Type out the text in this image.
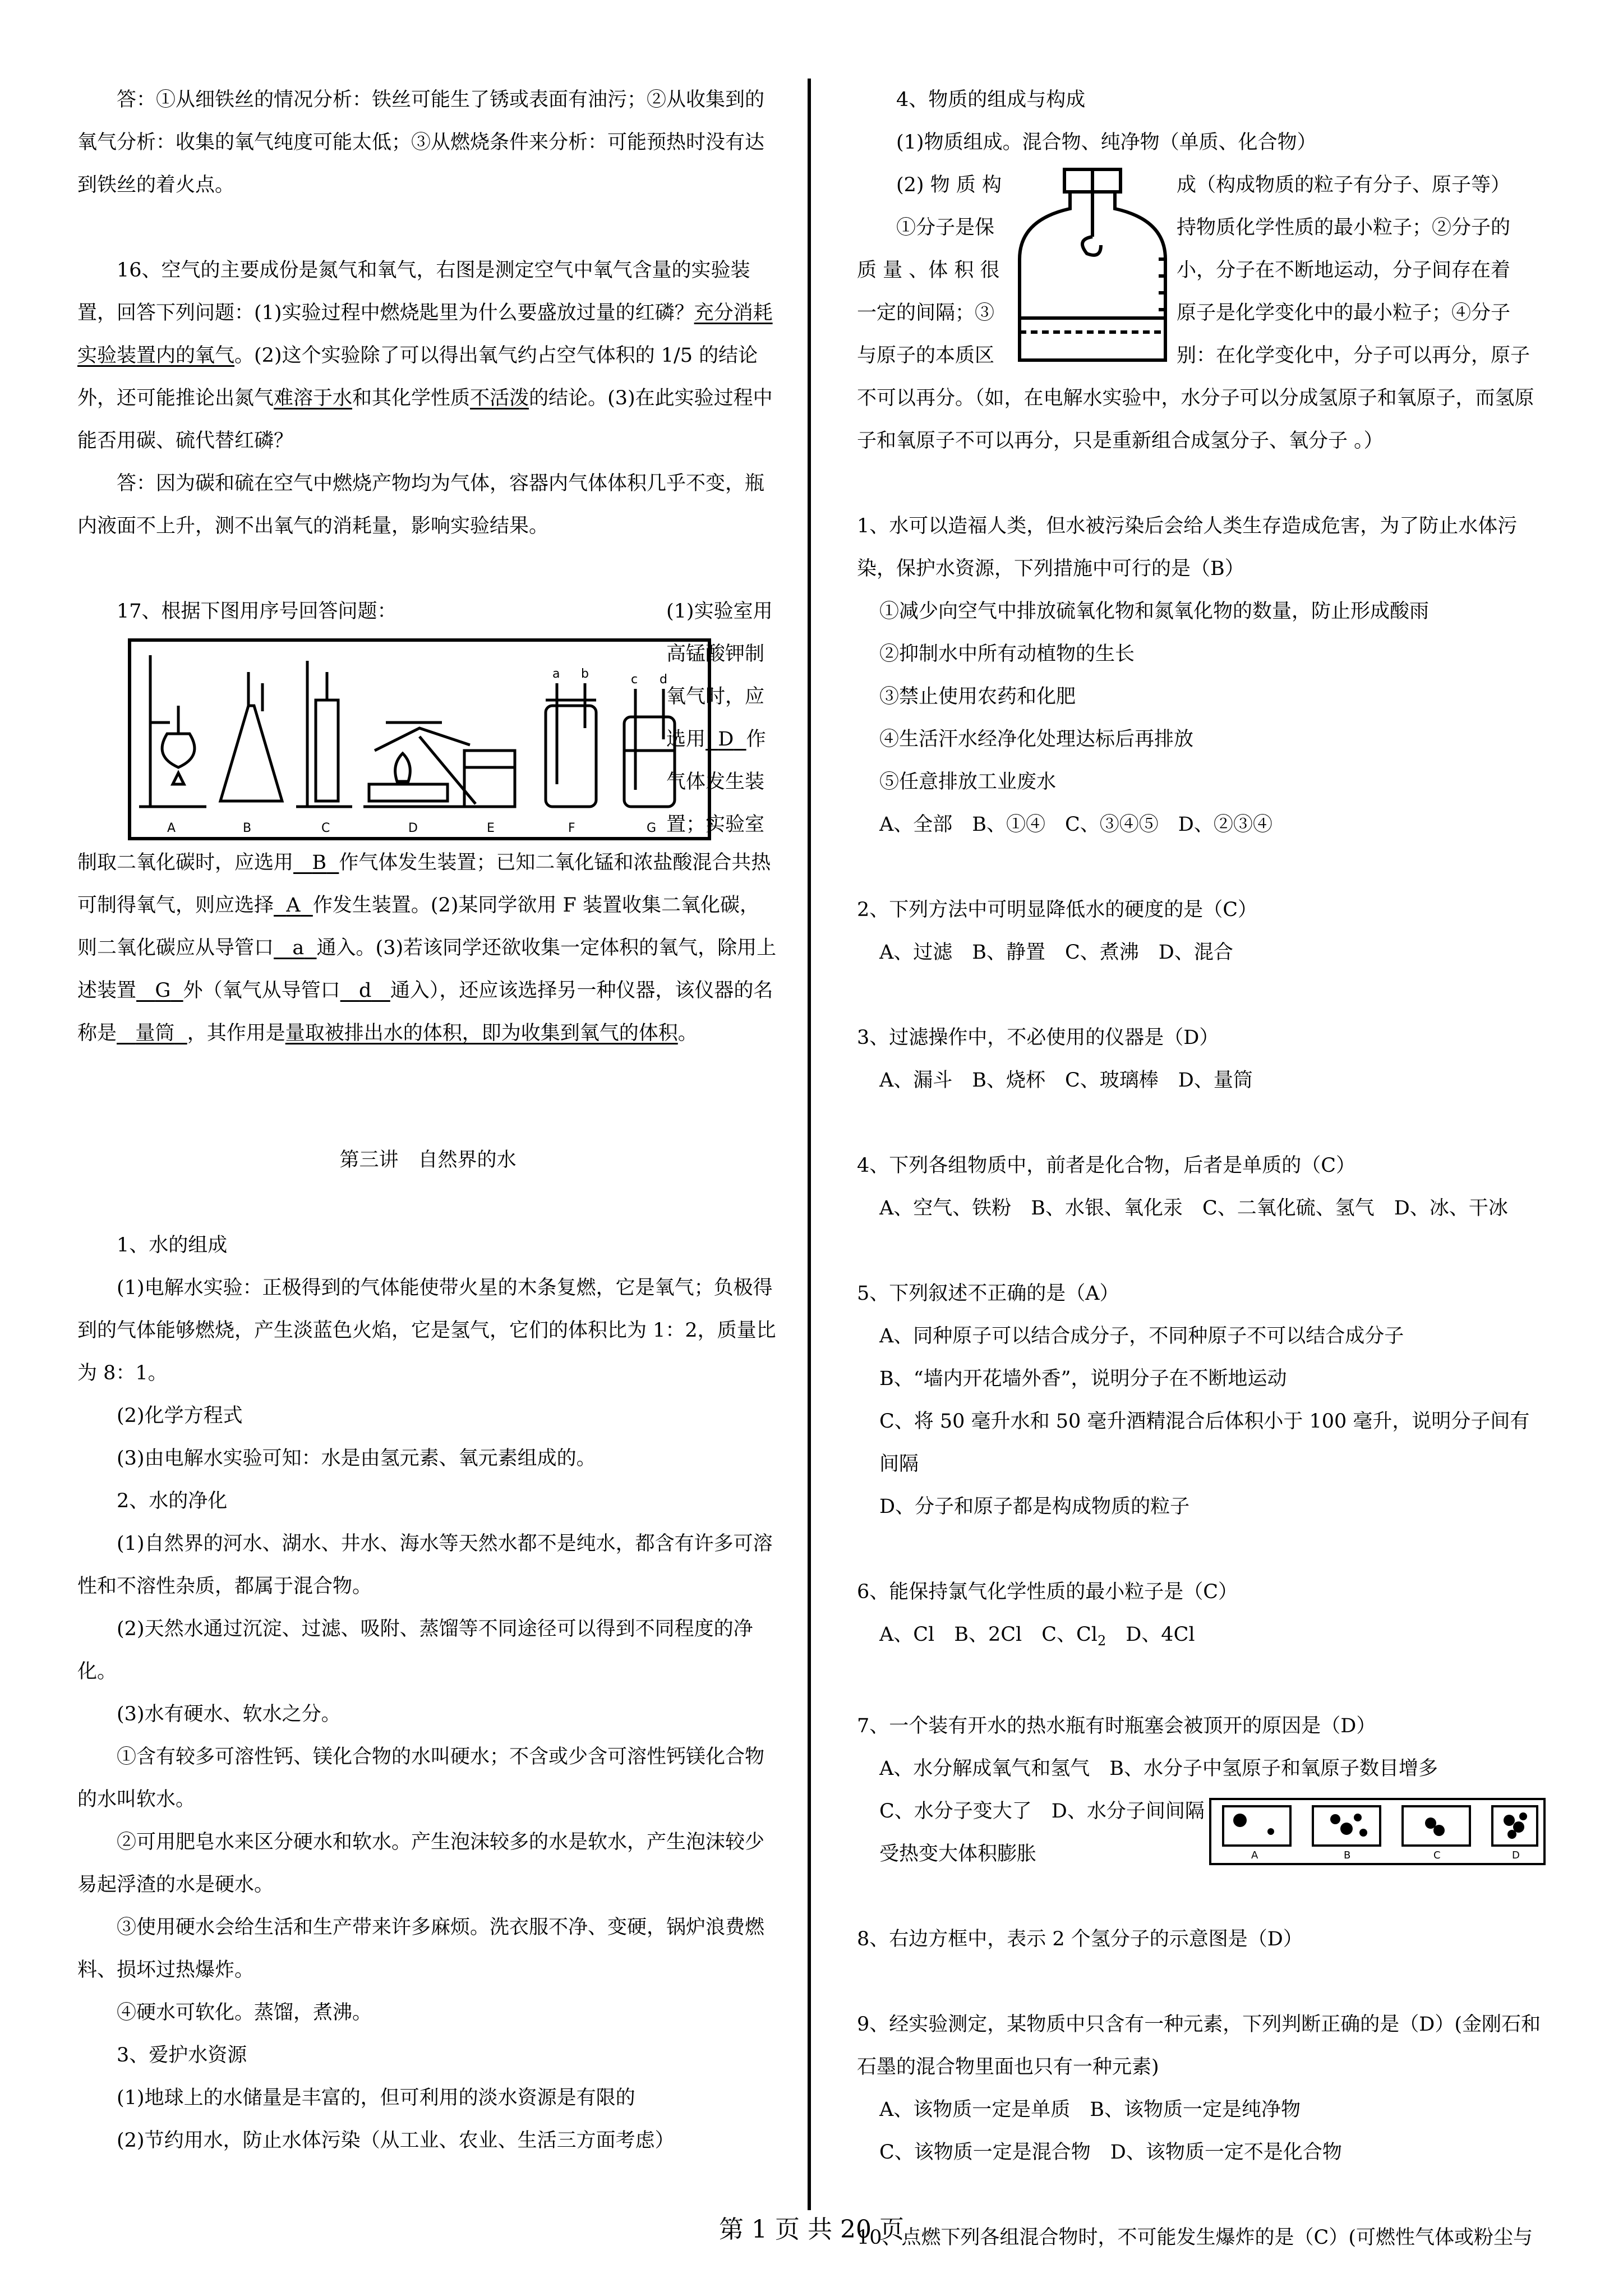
答：①从细铁丝的情况分析：铁丝可能生了锈或表面有油污；②从收集到的氧气分析：收集的氧气纯度可能太低；③从燃烧条件来分析：可能预热时没有达到铁丝的着火点。

16、空气的主要成份是氮气和氧气，右图是测定空气中氧气含量的实验装置，回答下列问题：(1)实验过程中燃烧匙里为什么要盛放过量的红磷？充分消耗实验装置内的氧气。(2)这个实验除了可以得出氧气约占空气体积的 1/5 的结论外，还可能推论出氮气难溶于水和其化学性质不活泼的结论。(3)在此实验过程中能否用碳、硫代替红磷？

答：因为碳和硫在空气中燃烧产物均为气体，容器内气体体积几乎不变，瓶内液面不上升，测不出氧气的消耗量，影响实验结果。

17、根据下图用序号回答问题：

A	B	C	D	E	F	G
a b	c d

(1)实验室用

高锰酸钾制

氧气时，应

选用 D 作

气体发生装

置；实验室

制取二氧化碳时，应选用 B 作气体发生装置；已知二氧化锰和浓盐酸混合共热可制得氧气，则应选择 A 作发生装置。(2)某同学欲用 F 装置收集二氧化碳，则二氧化碳应从导管口 a 通入。(3)若该同学还欲收集一定体积的氧气，除用上述装置 G 外（氧气从导管口 d 通入），还应该选择另一种仪器，该仪器的名称是 量筒 ，其作用是量取被排出水的体积，即为收集到氧气的体积。

第三讲　自然界的水

1、水的组成

(1)电解水实验：正极得到的气体能使带火星的木条复燃，它是氧气；负极得到的气体能够燃烧，产生淡蓝色火焰，它是氢气，它们的体积比为 1：2，质量比为 8：1。

(2)化学方程式

(3)由电解水实验可知：水是由氢元素、氧元素组成的。

2、水的净化

(1)自然界的河水、湖水、井水、海水等天然水都不是纯水，都含有许多可溶性和不溶性杂质，都属于混合物。

(2)天然水通过沉淀、过滤、吸附、蒸馏等不同途径可以得到不同程度的净化。

(3)水有硬水、软水之分。

①含有较多可溶性钙、镁化合物的水叫硬水；不含或少含可溶性钙镁化合物的水叫软水。

②可用肥皂水来区分硬水和软水。产生泡沫较多的水是软水，产生泡沫较少易起浮渣的水是硬水。

③使用硬水会给生活和生产带来许多麻烦。洗衣服不净、变硬，锅炉浪费燃料、损坏过热爆炸。

④硬水可软化。蒸馏，煮沸。

3、爱护水资源

(1)地球上的水储量是丰富的，但可利用的淡水资源是有限的

(2)节约用水，防止水体污染（从工业、农业、生活三方面考虑）

4、物质的组成与构成

(1)物质组成。混合物、纯净物（单质、化合物）

(2) 物 质 构

①分子是保

质 量 、体 积 很

一定的间隔；③

与原子的本质区

成（构成物质的粒子有分子、原子等）

持物质化学性质的最小粒子；②分子的

小，分子在不断地运动，分子间存在着

原子是化学变化中的最小粒子；④分子

别：在化学变化中，分子可以再分，原子

不可以再分。（如，在电解水实验中，水分子可以分成氢原子和氧原子，而氢原子和氧原子不可以再分，只是重新组合成氢分子、氧分子 。）

1、水可以造福人类，但水被污染后会给人类生存造成危害，为了防止水体污染，保护水资源，下列措施中可行的是（B）

①减少向空气中排放硫氧化物和氮氧化物的数量，防止形成酸雨

②抑制水中所有动植物的生长

③禁止使用农药和化肥

④生活汗水经净化处理达标后再排放

⑤任意排放工业废水

A、全部　B、①④　C、③④⑤　D、②③④

2、下列方法中可明显降低水的硬度的是（C）

A、过滤　B、静置　C、煮沸　D、混合

3、过滤操作中，不必使用的仪器是（D）

A、漏斗　B、烧杯　C、玻璃棒　D、量筒

4、下列各组物质中，前者是化合物，后者是单质的（C）

A、空气、铁粉　B、水银、氧化汞　C、二氧化硫、氢气　D、冰、干冰

5、下列叙述不正确的是（A）

A、同种原子可以结合成分子，不同种原子不可以结合成分子

B、“墙内开花墙外香”，说明分子在不断地运动

C、将 50 毫升水和 50 毫升酒精混合后体积小于 100 毫升，说明分子间有间隔

D、分子和原子都是构成物质的粒子

6、能保持氯气化学性质的最小粒子是（C）

A、Cl　B、2Cl　C、$Cl_2$　D、4Cl

7、一个装有开水的热水瓶有时瓶塞会被顶开的原因是（D）

A、水分解成氧气和氢气　B、水分子中氢原子和氧原子数目增多

C、水分子变大了　D、水分子间间隔

受热变大体积膨胀	A	B	C	D

8、右边方框中，表示 2 个氢分子的示意图是（D）

9、经实验测定，某物质中只含有一种元素，下列判断正确的是（D）(金刚石和石墨的混合物里面也只有一种元素)

A、该物质一定是单质　B、该物质一定是纯净物

C、该物质一定是混合物　D、该物质一定不是化合物

10、点燃下列各组混合物时，不可能发生爆炸的是（C）(可燃性气体或粉尘与

第 1 页 共 20 页
